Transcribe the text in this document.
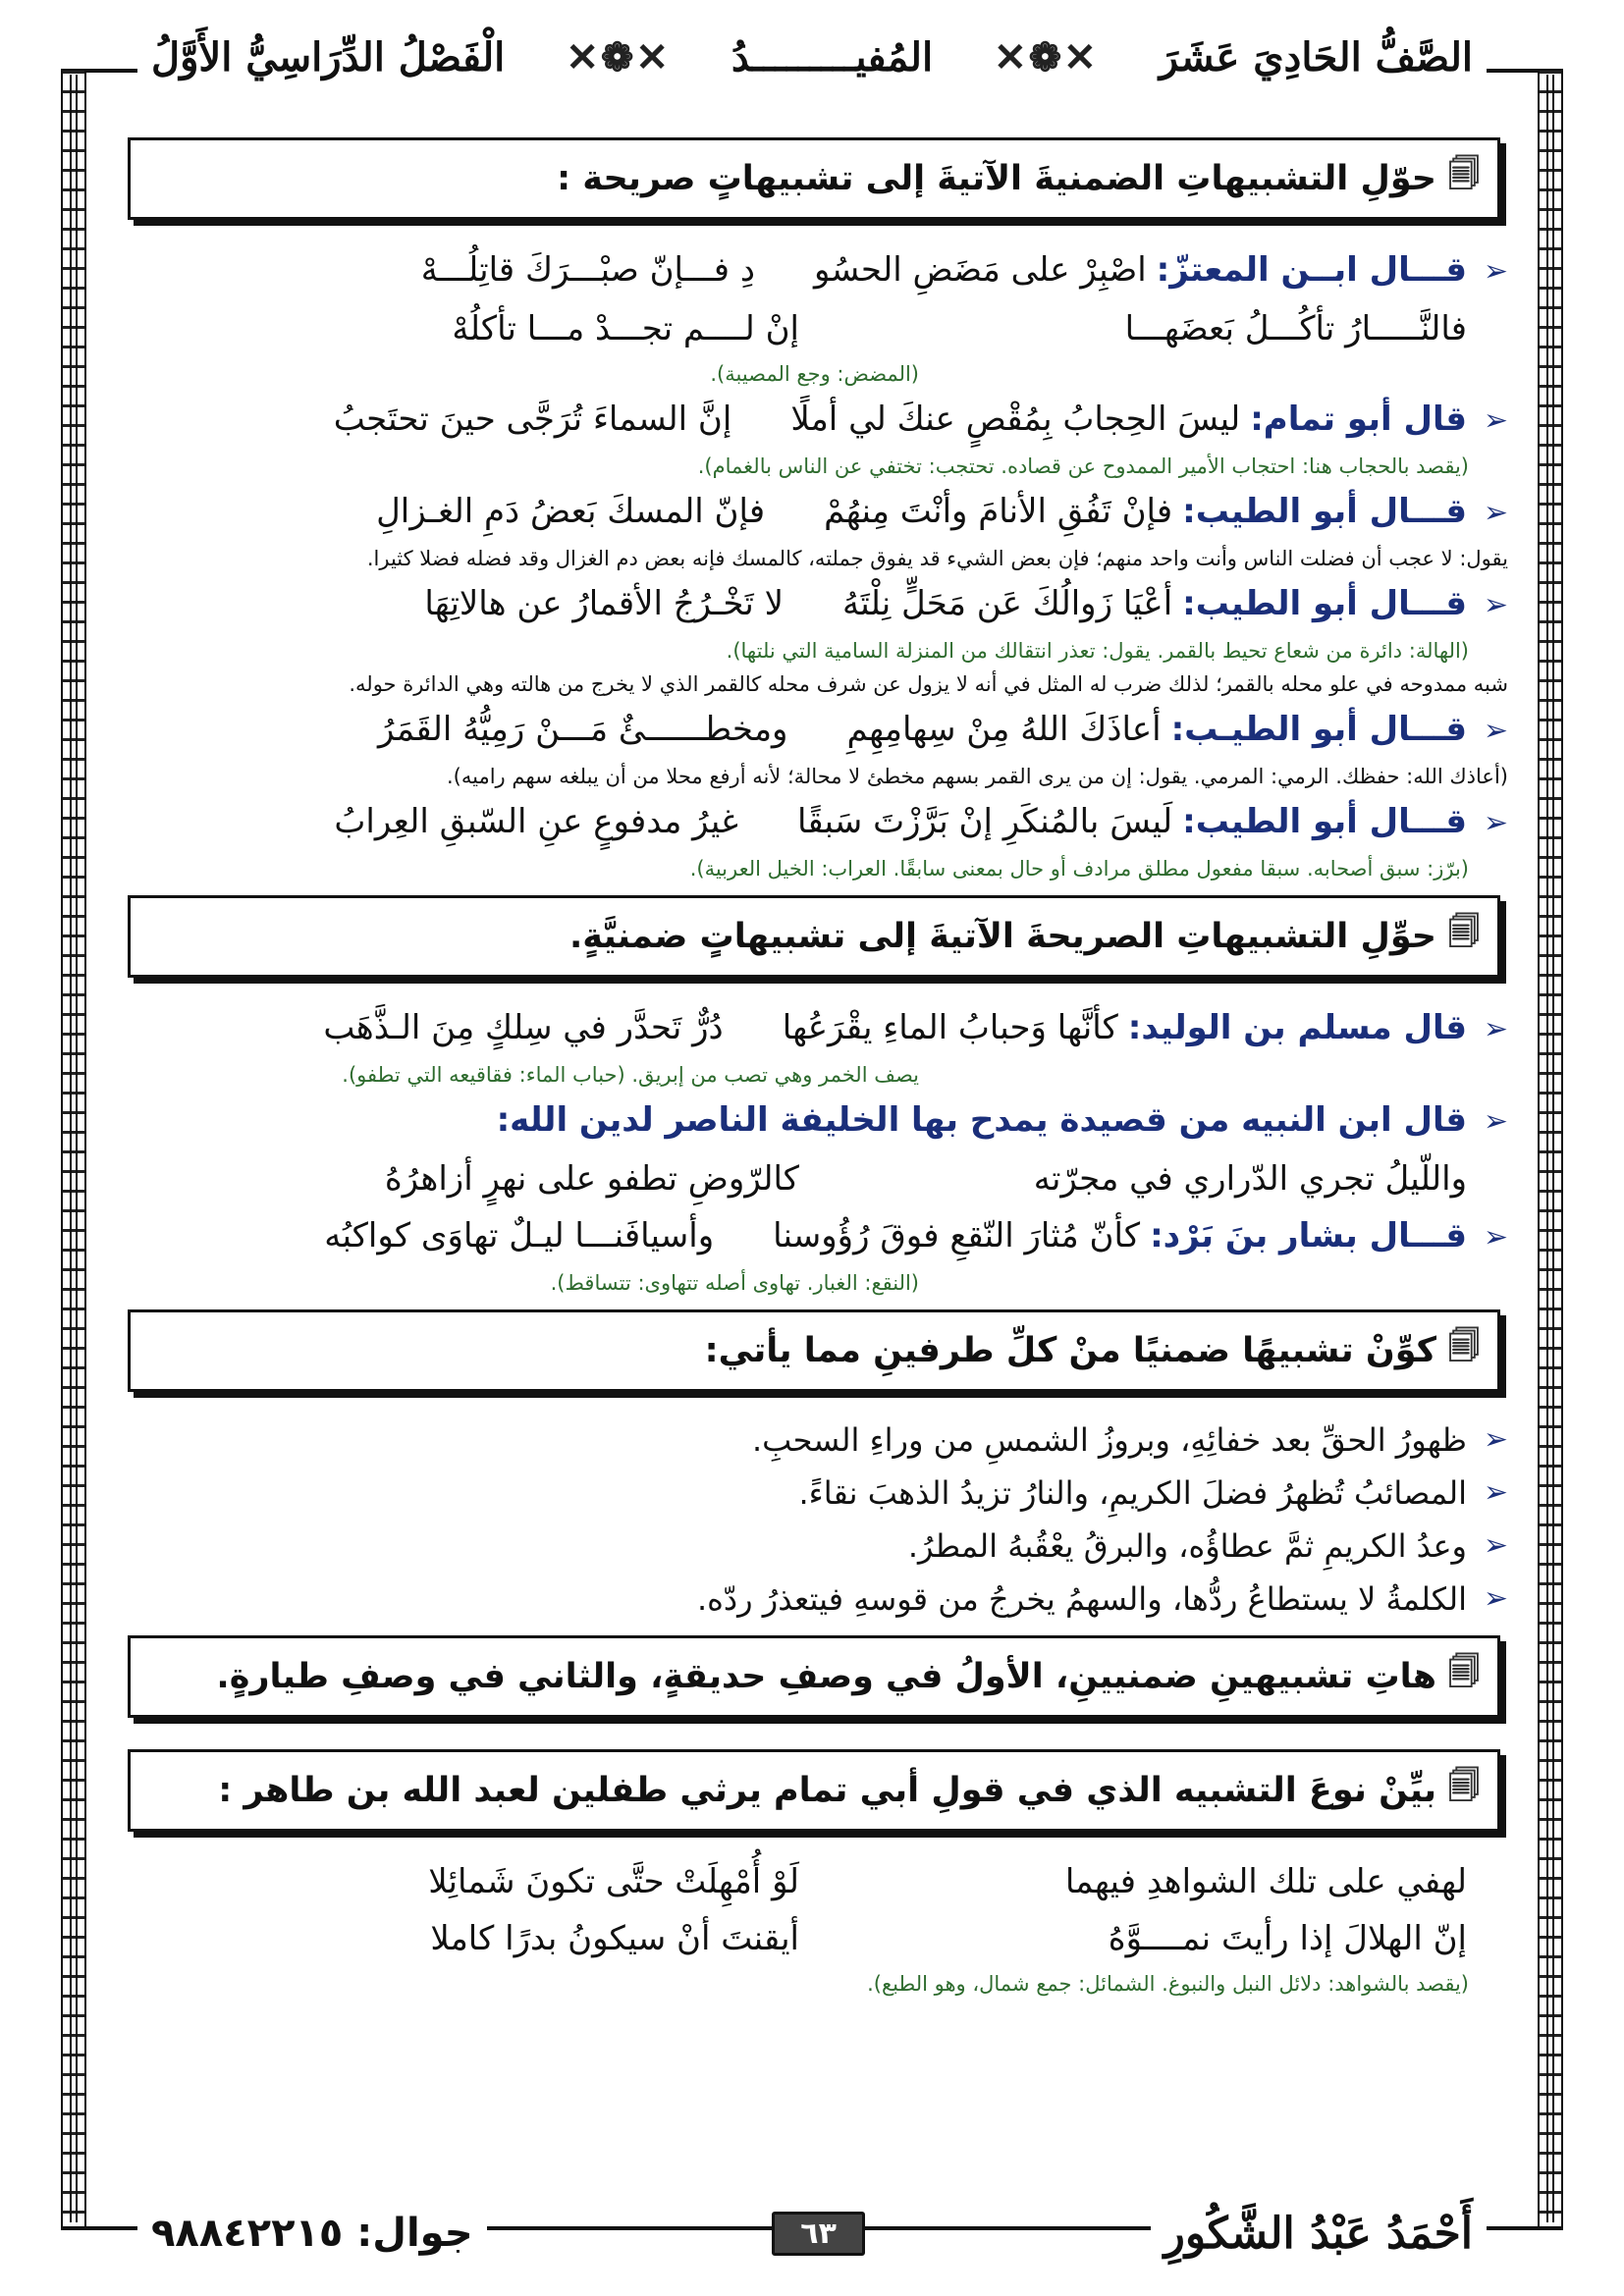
الصَّفُّ الحَادِيَ عَشَرَ
✕❁✕
المُفيـــــــــدُ
✕❁✕
الْفَصْلُ الدِّرَاسِيُّ الأَوَّلُ
🗐
حوّلِ التشبيهاتِ الضمنيةَ الآتيةَ إلى تشبيهاتٍ صريحة :
➢
قـــال ابــن المعتزّ:
اصْبِرْ على مَضَضِ الحسُو
دِ فـــإنّ صبْـــرَكَ قاتِلُـــهْ
فالنَّـــــارُ تأكُـــلُ بَعضَهـــا
إنْ لــــم تجـــدْ مـــا تأكلُهْ
(المضض: وجع المصيبة).
➢
قال أبو تمام:
ليسَ الحِجابُ بِمُقْصٍ عنكَ لي أملًا
إنَّ السماءَ تُرَجَّى حينَ تحتَجبُ
(يقصد بالحجاب هنا: احتجاب الأمير الممدوح عن قصاده. تحتجب: تختفي عن الناس بالغمام).
➢
قـــال أبو الطيب:
فإنْ تَفُقِ الأنامَ وأنْتَ مِنهُمْ
فإنّ المسكَ بَعضُ دَمِ الغـزالِ
يقول: لا عجب أن فضلت الناس وأنت واحد منهم؛ فإن بعض الشيء قد يفوق جملته، كالمسك فإنه بعض دم الغزال وقد فضله فضلا كثيرا.
➢
قـــال أبو الطيب:
أعْيَا زَوالُكَ عَن مَحَلٍّ نِلْتَهُ
لا تَخْـرُجُ الأقمارُ عن هالاتِهَا
(الهالة: دائرة من شعاع تحيط بالقمر. يقول: تعذر انتقالك من المنزلة السامية التي نلتها).
شبه ممدوحه في علو محله بالقمر؛ لذلك ضرب له المثل في أنه لا يزول عن شرف محله كالقمر الذي لا يخرج من هالته وهي الدائرة حوله.
➢
قـــال أبو الطيـب:
أعاذَكَ اللهُ مِنْ سِهامِهِمِ
ومخطــــــئٌ مَـــنْ رَمِيُّهُ القَمَرُ
(أعاذك الله: حفظك. الرمي: المرمي. يقول: إن من يرى القمر بسهم مخطئ لا محالة؛ لأنه أرفع محلا من أن يبلغه سهم راميه).
➢
قـــال أبو الطيب:
لَيسَ بالمُنكَرِ إنْ بَرَّزْتَ سَبقًا
غيرُ مدفوعٍ عنِ السّبقِ العِرابُ
(برّز: سبق أصحابه. سبقا مفعول مطلق مرادف أو حال بمعنى سابقًا. العراب: الخيل العربية).
🗐
حوِّلِ التشبيهاتِ الصريحةَ الآتيةَ إلى تشبيهاتٍ ضمنيَّةٍ.
➢
قال مسلم بن الوليد:
كأنَّها وَحبابُ الماءِ يقْرَعُها
دُرٌّ تَحدَّر في سِلكٍ مِنَ الـذَّهَب
يصف الخمر وهي تصب من إبريق. (حباب الماء: فقاقيعه التي تطفو).
➢
قال ابن النبيه من قصيدة يمدح بها الخليفة الناصر لدين الله:
واللّيلُ تجري الدّراري في مجرّته
كالرّوضِ تطفو على نهرٍ أزاهرُهُ
➢
قـــال بشار بنَ بَرْد:
كأنّ مُثارَ النّقعِ فوقَ رُؤُوسنا
وأسيافَنـــا ليـلٌ تهاوَى كواكبُه
(النقع: الغبار. تهاوى أصله تتهاوى: تتساقط).
🗐
كوِّنْ تشبيهًا ضمنيًا منْ كلِّ طرفينِ مما يأتي:
➢
ظهورُ الحقِّ بعد خفائِهِ، وبروزُ الشمسِ من وراءِ السحبِ.
➢
المصائبُ تُظهرُ فضلَ الكريمِ، والنارُ تزيدُ الذهبَ نقاءً.
➢
وعدُ الكريمِ ثمَّ عطاؤُه، والبرقُ يعْقُبهُ المطرُ.
➢
الكلمةُ لا يستطاعُ ردُّها، والسهمُ يخرجُ من قوسهِ فيتعذرُ ردّه.
🗐
هاتِ تشبيهينِ ضمنيينِ، الأولُ في وصفِ حديقةٍ، والثاني في وصفِ طيارةٍ.
🗐
بيِّنْ نوعَ التشبيه الذي في قولِ أبي تمام يرثي طفلين لعبد الله بن طاهر :
لهفي على تلك الشواهدِ فيهما
لَوْ أُمْهِلَتْ حتَّى تكونَ شَمائِلا
إنّ الهلالَ إذا رأيتَ نمــــوَّهُ
أيقنتَ أنْ سيكونُ بدرًا كاملا
(يقصد بالشواهد: دلائل النبل والنبوغ. الشمائل: جمع شمال، وهو الطبع).
أَحْمَدُ عَبْدُ الشَّكُورِ
٦٣
جوال: ٩٨٨٤٢٢١٥
